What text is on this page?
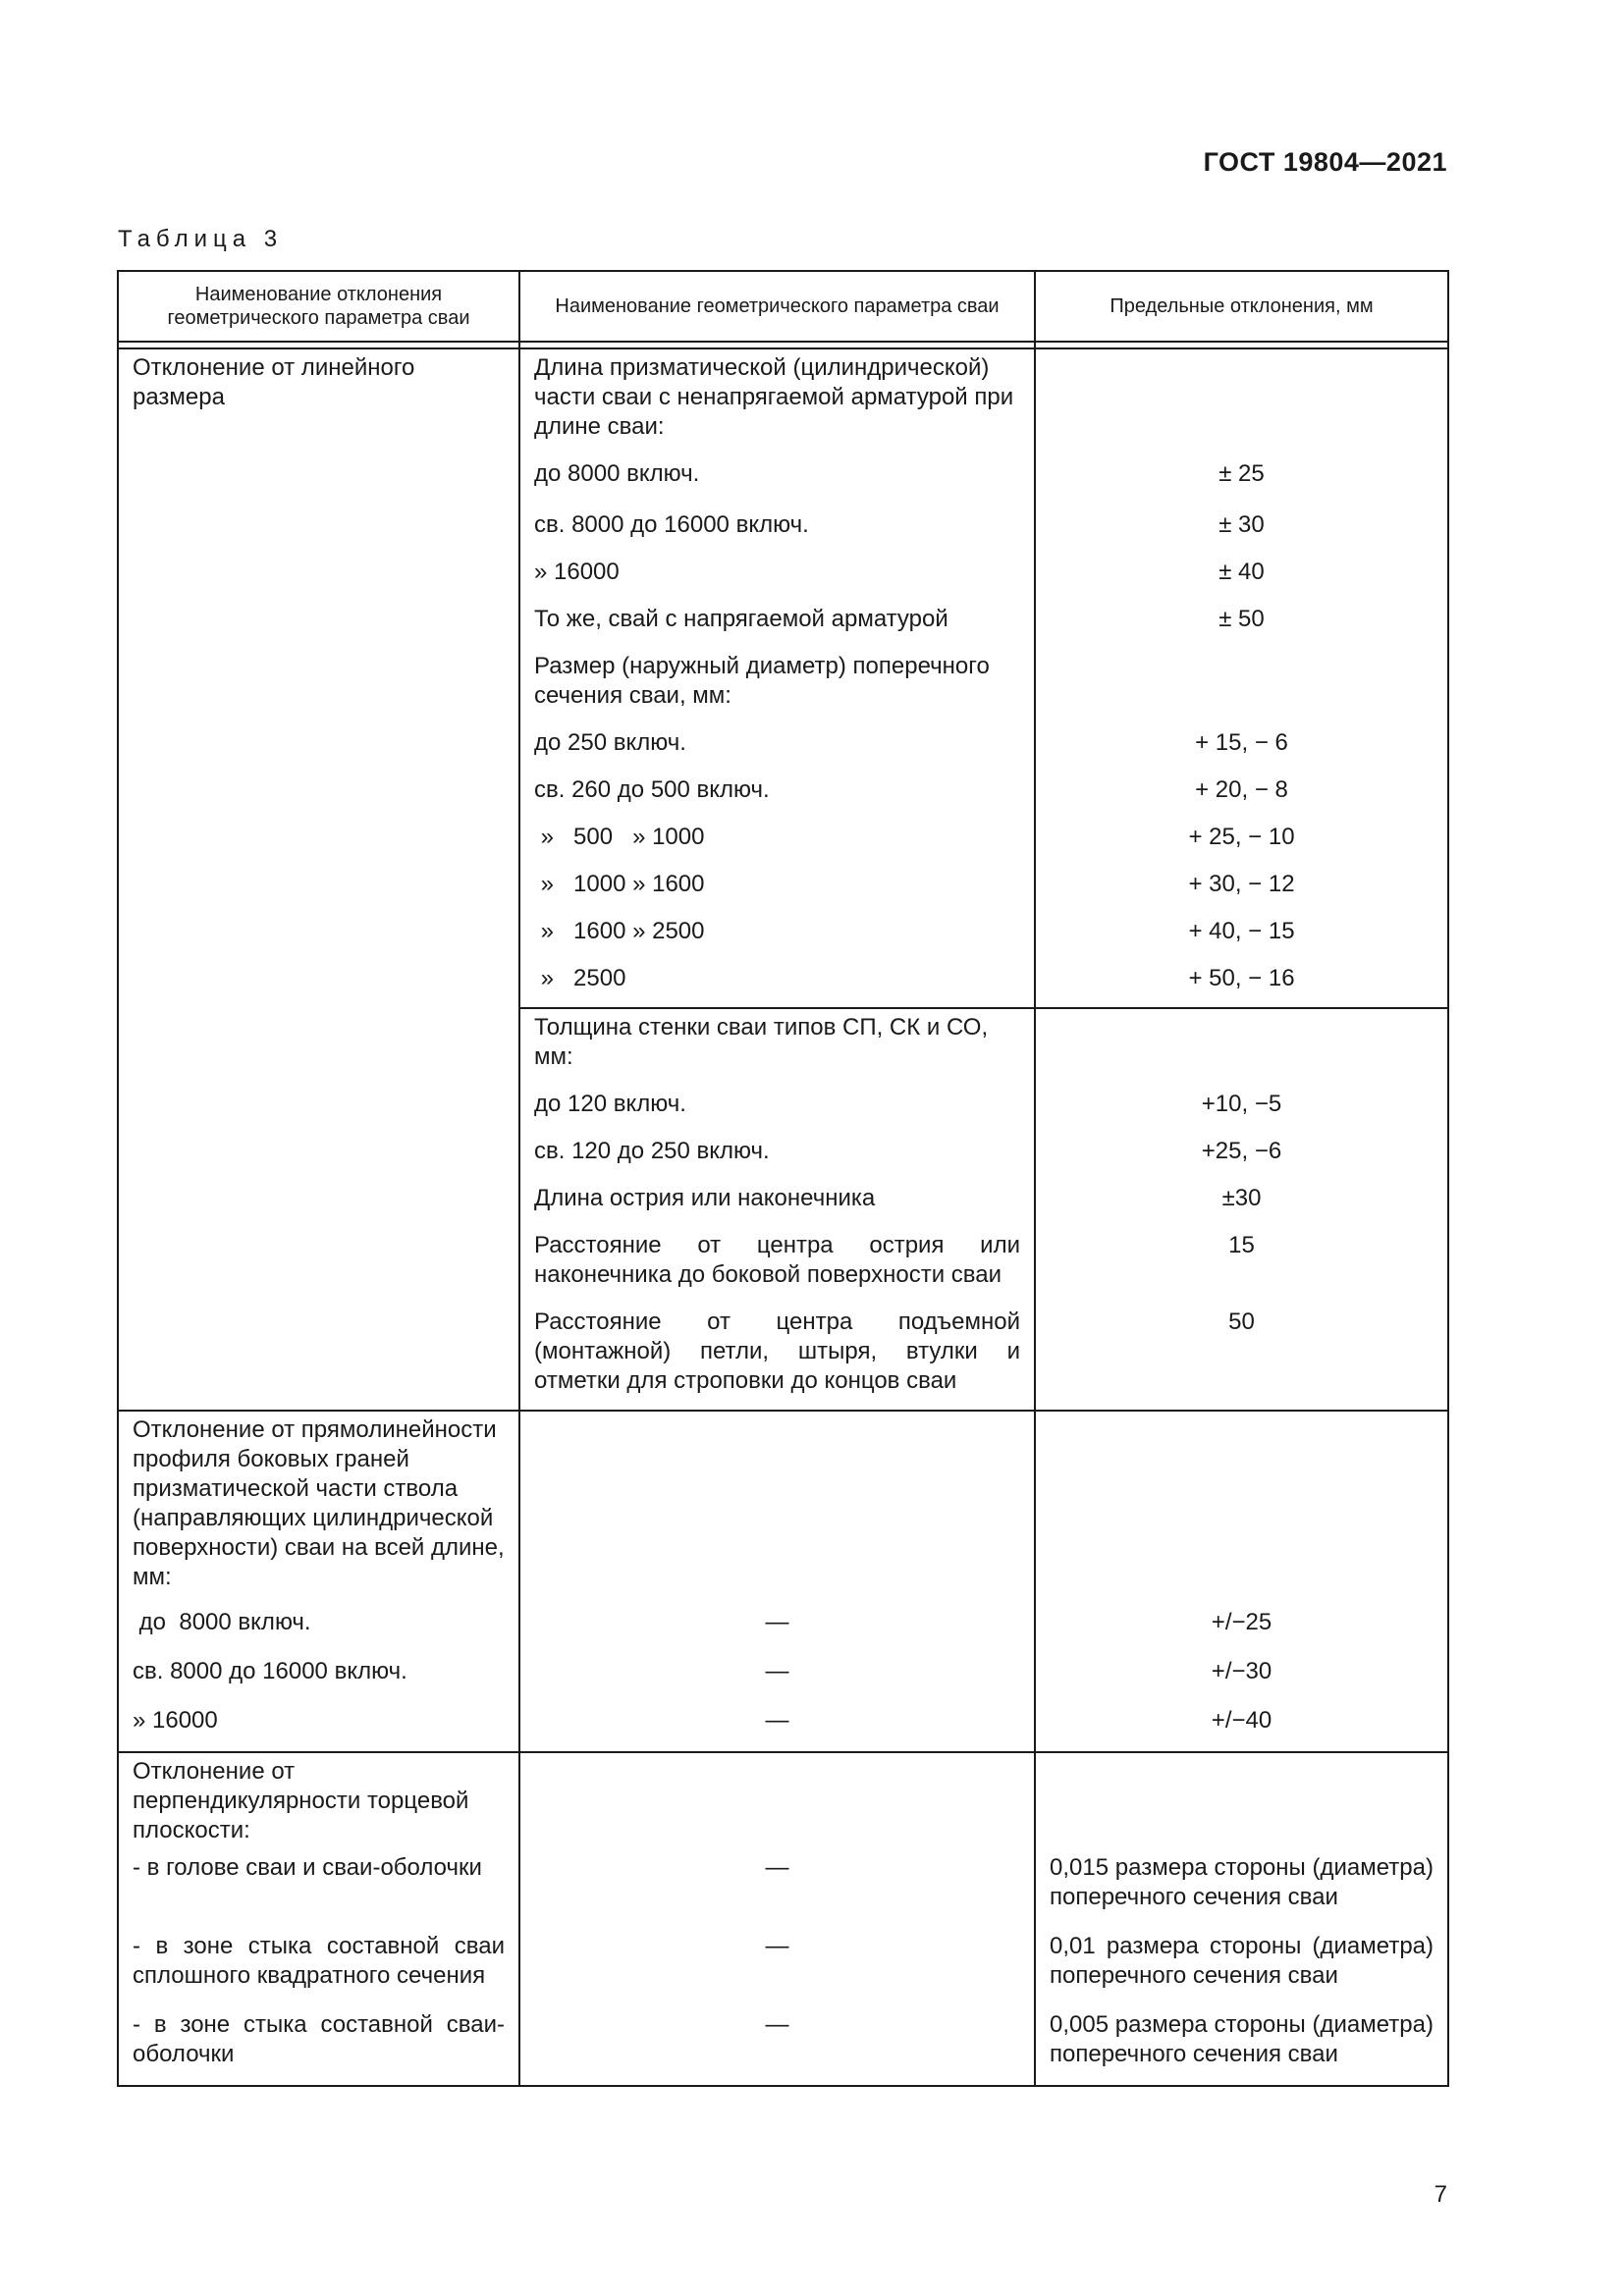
ГОСТ 19804—2021
Таблица 3
Наименование отклонения геометрического параметра сваи	Наименование геометрического параметра сваи	Предельные отклонения, мм

Отклонение от линейного размера	Длина призматической (цилиндрической) части сваи с ненапрягаемой арматурой при длине сваи:	
	до 8000 включ.	± 25
	св. 8000 до 16000 включ.	± 30
	» 16000	± 40
	То же, свай с напрягаемой арматурой	± 50
	Размер (наружный диаметр) поперечного сечения сваи, мм:	
	до 250 включ.	+ 15, − 6
	св. 260 до 500 включ.	+ 20, − 8
	»   500   » 1000	+ 25, − 10
	»   1000 » 1600	+ 30, − 12
	»   1600 » 2500	+ 40, − 15
	»   2500	+ 50, − 16
	Толщина стенки сваи типов СП, СК и СО, мм:	
	до 120 включ.	+10, −5
	св. 120 до 250 включ.	+25, −6
	Длина острия или наконечника	±30
	Расстояние от центра острия или наконечника до боковой поверхности сваи	15
	Расстояние от центра подъемной (монтажной) петли, штыря, втулки и отметки для строповки до концов сваи	50
Отклонение от прямолинейности профиля боковых граней призматической части ствола (направляющих цилиндрической поверхности) сваи на всей длине, мм:		
до  8000 включ.	—	+/−25
св. 8000 до 16000 включ.	—	+/−30
» 16000	—	+/−40
Отклонение от перпендикулярности торцевой плоскости:		
- в голове сваи и сваи-оболочки	—	0,015 размера стороны (диаметра) поперечного сечения сваи
- в зоне стыка составной сваи сплошного квадратного сечения	—	0,01 размера стороны (диаметра) поперечного сечения сваи
- в зоне стыка составной сваи-оболочки	—	0,005 размера стороны (диаметра) поперечного сечения сваи
7
